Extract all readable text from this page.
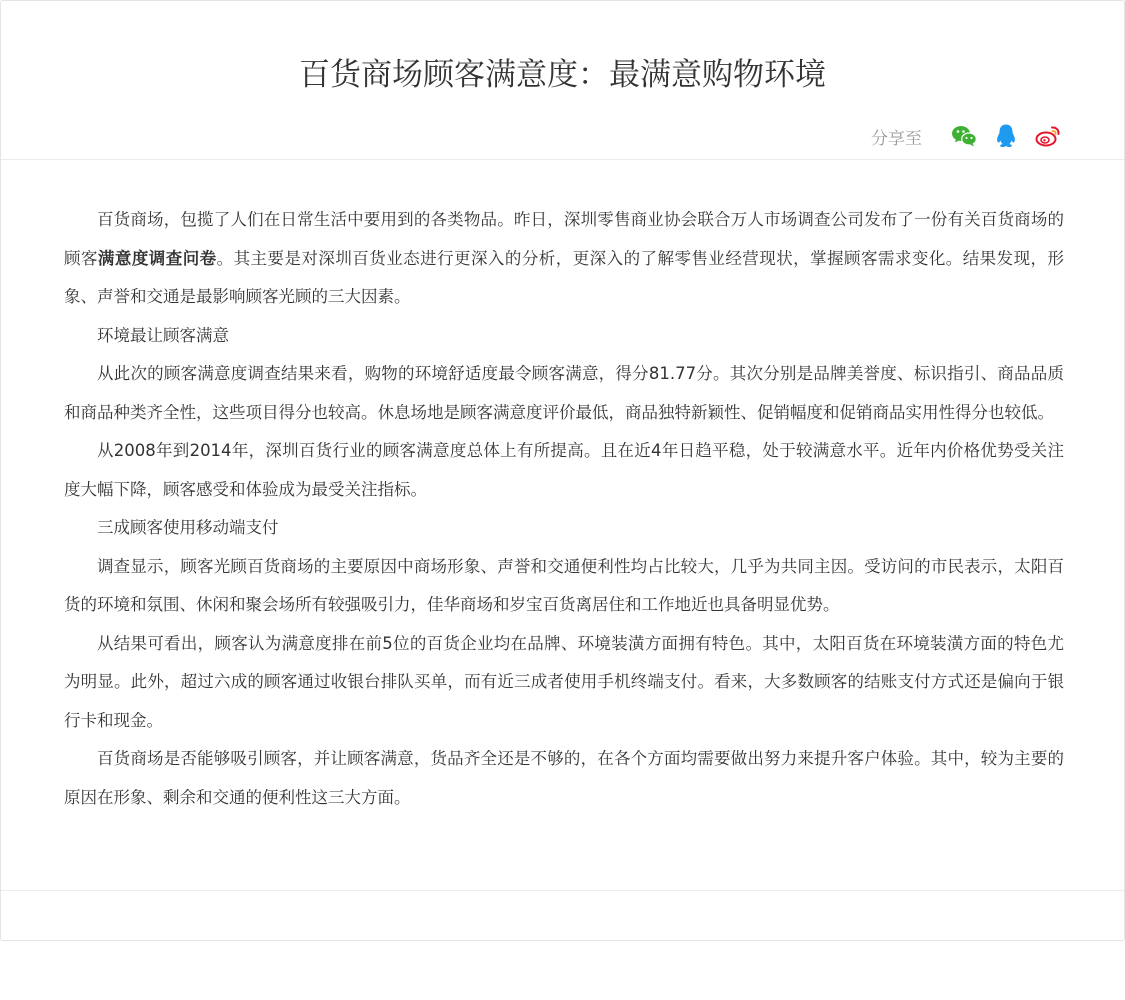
百货商场顾客满意度：最满意购物环境
分享至

百货商场，包揽了人们在日常生活中要用到的各类物品。昨日，深圳零售商业协会联合万人市场调查公司发布了一份有关百货商场的顾客满意度调查问卷。其主要是对深圳百货业态进行更深入的分析，更深入的了解零售业经营现状，掌握顾客需求变化。结果发现，形象、声誉和交通是最影响顾客光顾的三大因素。

环境最让顾客满意

从此次的顾客满意度调查结果来看，购物的环境舒适度最令顾客满意，得分81.77分。其次分别是品牌美誉度、标识指引、商品品质和商品种类齐全性，这些项目得分也较高。休息场地是顾客满意度评价最低，商品独特新颖性、促销幅度和促销商品实用性得分也较低。

从2008年到2014年，深圳百货行业的顾客满意度总体上有所提高。且在近4年日趋平稳，处于较满意水平。近年内价格优势受关注度大幅下降，顾客感受和体验成为最受关注指标。

三成顾客使用移动端支付

调查显示，顾客光顾百货商场的主要原因中商场形象、声誉和交通便利性均占比较大，几乎为共同主因。受访问的市民表示，太阳百货的环境和氛围、休闲和聚会场所有较强吸引力，佳华商场和岁宝百货离居住和工作地近也具备明显优势。

从结果可看出，顾客认为满意度排在前5位的百货企业均在品牌、环境装潢方面拥有特色。其中，太阳百货在环境装潢方面的特色尤为明显。此外，超过六成的顾客通过收银台排队买单，而有近三成者使用手机终端支付。看来，大多数顾客的结账支付方式还是偏向于银行卡和现金。

百货商场是否能够吸引顾客，并让顾客满意，货品齐全还是不够的，在各个方面均需要做出努力来提升客户体验。其中，较为主要的原因在形象、剩余和交通的便利性这三大方面。
